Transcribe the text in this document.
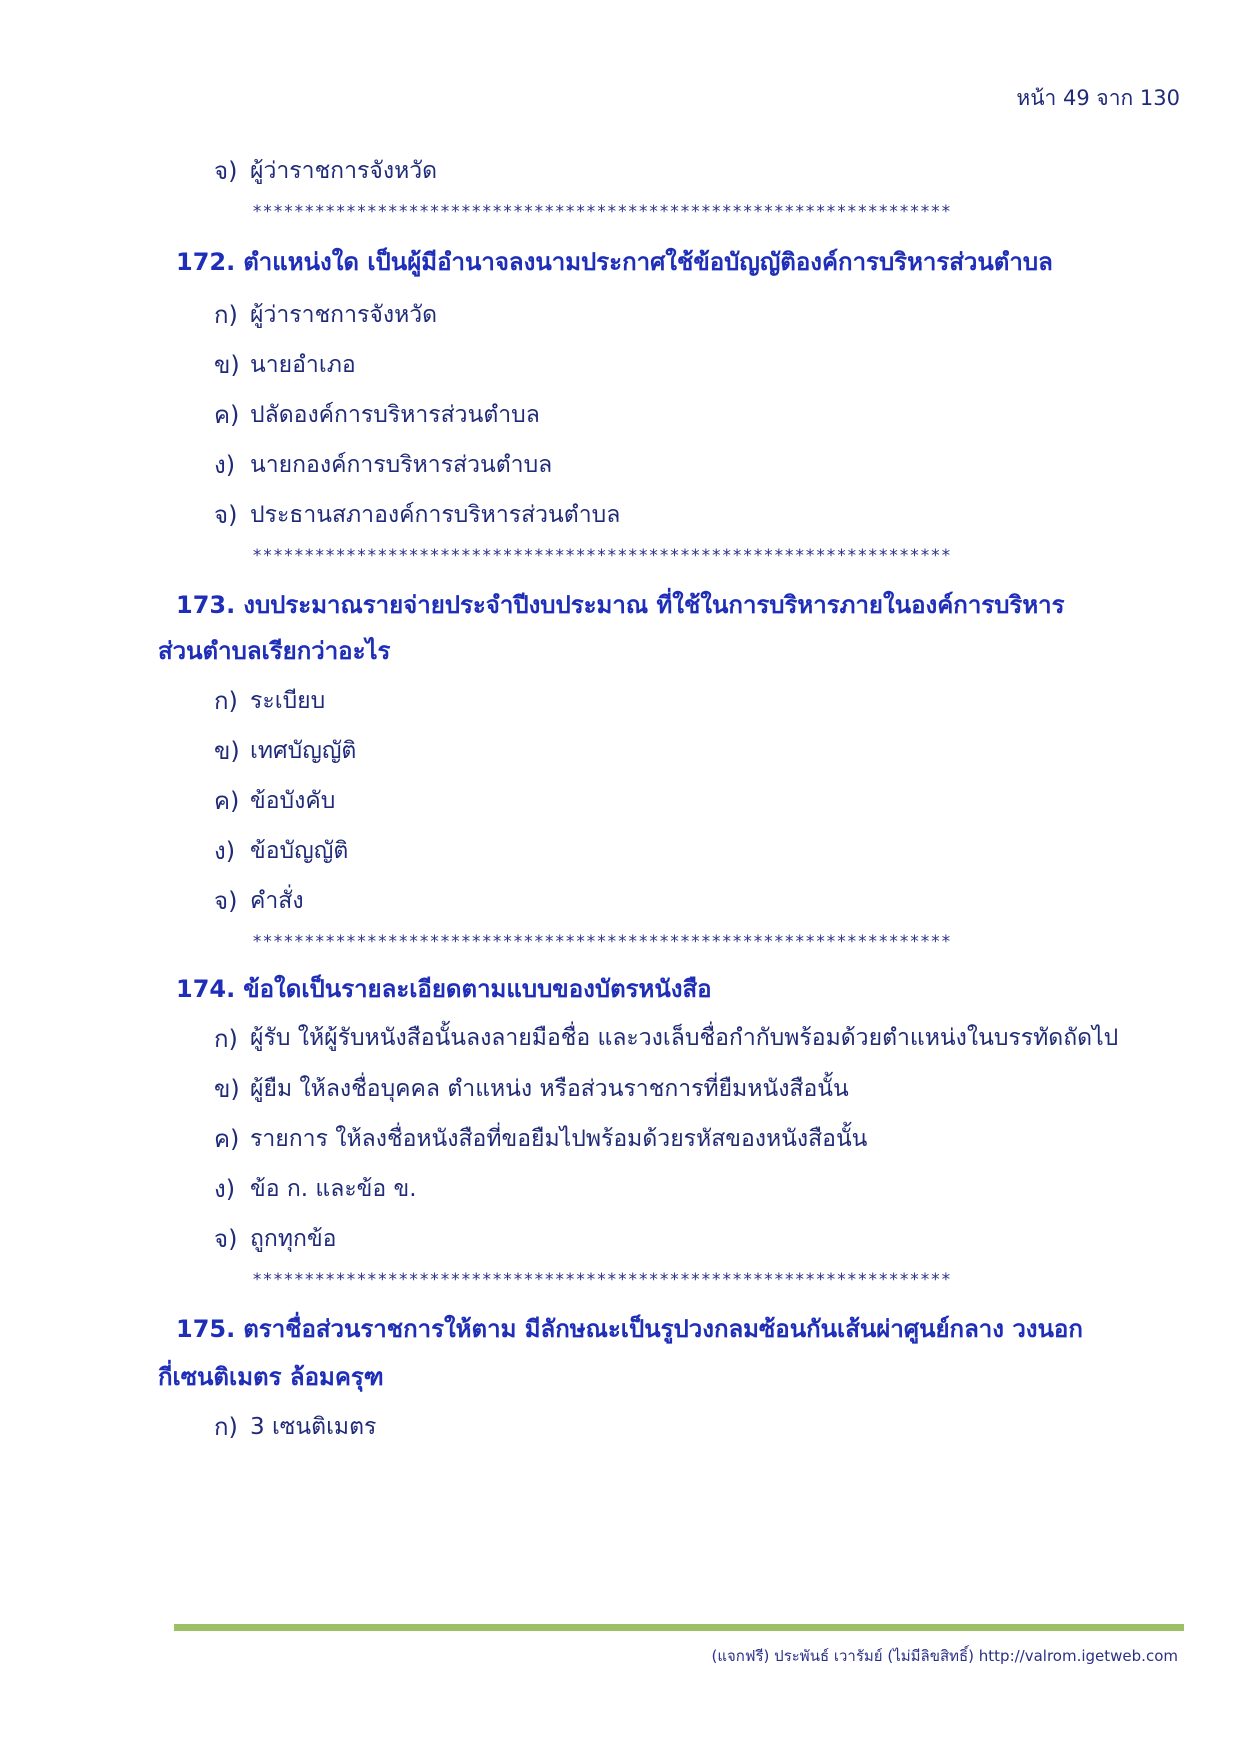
หน้า 49 จาก 130
จ) ผู้ว่าราชการจังหวัด
*******************************************************************
172. ตำแหน่งใด เป็นผู้มีอำนาจลงนามประกาศใช้ข้อบัญญัติองค์การบริหารส่วนตำบล
ก) ผู้ว่าราชการจังหวัด
ข) นายอำเภอ
ค) ปลัดองค์การบริหารส่วนตำบล
ง) นายกองค์การบริหารส่วนตำบล
จ) ประธานสภาองค์การบริหารส่วนตำบล
*******************************************************************
173. งบประมาณรายจ่ายประจำปีงบประมาณ ที่ใช้ในการบริหารภายในองค์การบริหาร
ส่วนตำบลเรียกว่าอะไร
ก) ระเบียบ
ข) เทศบัญญัติ
ค) ข้อบังคับ
ง) ข้อบัญญัติ
จ) คำสั่ง
*******************************************************************
174. ข้อใดเป็นรายละเอียดตามแบบของบัตรหนังสือ
ก) ผู้รับ ให้ผู้รับหนังสือนั้นลงลายมือชื่อ และวงเล็บชื่อกำกับพร้อมด้วยตำแหน่งในบรรทัดถัดไป
ข) ผู้ยืม ให้ลงชื่อบุคคล ตำแหน่ง หรือส่วนราชการที่ยืมหนังสือนั้น
ค) รายการ ให้ลงชื่อหนังสือที่ขอยืมไปพร้อมด้วยรหัสของหนังสือนั้น
ง) ข้อ ก. และข้อ ข.
จ) ถูกทุกข้อ
*******************************************************************
175. ตราชื่อส่วนราชการให้ตาม มีลักษณะเป็นรูปวงกลมซ้อนกันเส้นผ่าศูนย์กลาง วงนอก
กี่เซนติเมตร ล้อมครุฑ
ก) 3 เซนติเมตร
(แจกฟรี) ประพันธ์ เวารัมย์ (ไม่มีลิขสิทธิ์) http://valrom.igetweb.com
